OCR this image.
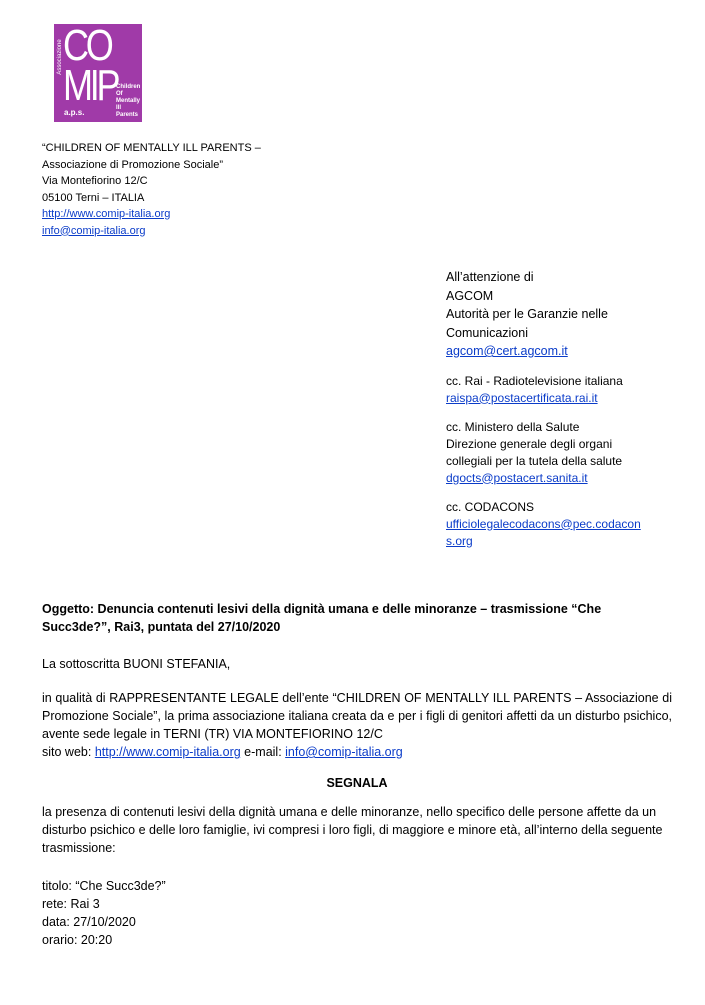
Associazione CO
MIP
a.p.s.
Children Of Mentally Ill Parents
“CHILDREN OF MENTALLY ILL PARENTS –
Associazione di Promozione Sociale”
Via Montefiorino 12/C
05100 Terni – ITALIA
http://www.comip-italia.org
info@comip-italia.org
All’attenzione di
AGCOM
Autorità per le Garanzie nelle
Comunicazioni
agcom@cert.agcom.it
cc. Rai - Radiotelevisione italiana
raispa@postacertificata.rai.it
cc. Ministero della Salute
Direzione generale degli organi
collegiali per la tutela della salute
dgocts@postacert.sanita.it
cc. CODACONS
ufficiolegalecodacons@pec.codacon
s.org
Oggetto: Denuncia contenuti lesivi della dignità umana e delle minoranze – trasmissione “Che Succ3de?”, Rai3, puntata del 27/10/2020
La sottoscritta BUONI STEFANIA,
in qualità di RAPPRESENTANTE LEGALE dell’ente “CHILDREN OF MENTALLY ILL PARENTS – Associazione di Promozione Sociale”, la prima associazione italiana creata da e per i figli di genitori affetti da un disturbo psichico, avente sede legale in TERNI (TR) VIA MONTEFIORINO 12/C
sito web: http://www.comip-italia.org e-mail: info@comip-italia.org
SEGNALA
la presenza di contenuti lesivi della dignità umana e delle minoranze, nello specifico delle persone affette da un disturbo psichico e delle loro famiglie, ivi compresi i loro figli, di maggiore e minore età, all’interno della seguente trasmissione:
titolo: “Che Succ3de?”
rete: Rai 3
data: 27/10/2020
orario: 20:20
